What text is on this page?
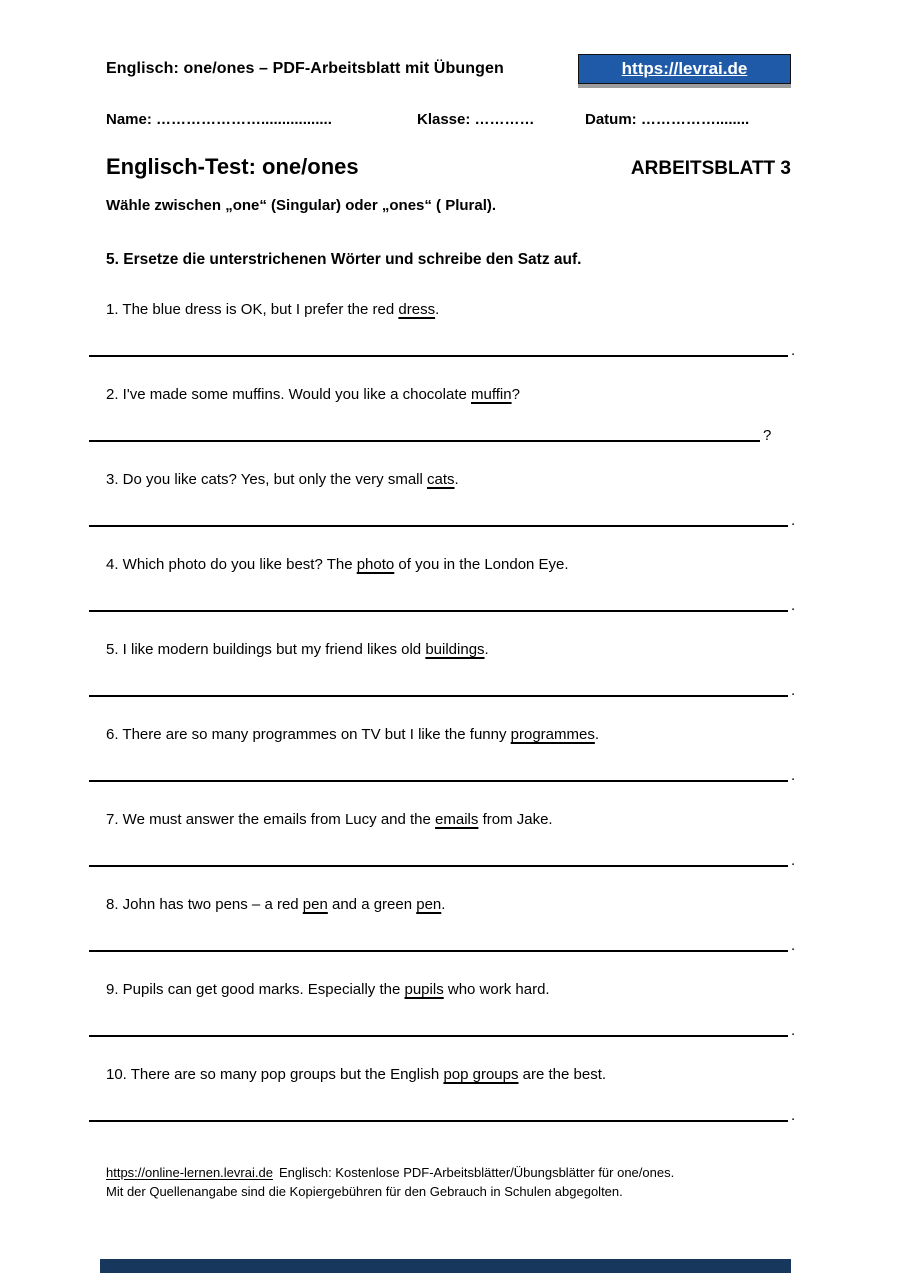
Englisch: one/ones – PDF-Arbeitsblatt mit Übungen	https://levrai.de
Name: ………………….................	Klasse: …………	Datum: ……………........
Englisch-Test: one/ones	ARBEITSBLATT 3
Wähle zwischen „one“ (Singular) oder „ones“ ( Plural).
5. Ersetze die unterstrichenen Wörter und schreibe den Satz auf.
1. The blue dress is OK, but I prefer the red dress.
.
2. I've made some muffins. Would you like a chocolate muffin?
?
3. Do you like cats? Yes, but only the very small cats.
.
4. Which photo do you like best? The photo of you in the London Eye.
.
5. I like modern buildings but my friend likes old buildings.
.
6. There are so many programmes on TV but I like the funny programmes.
.
7. We must answer the emails from Lucy and the emails from Jake.
.
8. John has two pens – a red pen and a green pen.
.
9. Pupils can get good marks. Especially the pupils who work hard.
.
10. There are so many pop groups but the English pop groups are the best.
.
https://online-lernen.levrai.de Englisch: Kostenlose PDF-Arbeitsblätter/Übungsblätter für one/ones.
Mit der Quellenangabe sind die Kopiergebühren für den Gebrauch in Schulen abgegolten.
